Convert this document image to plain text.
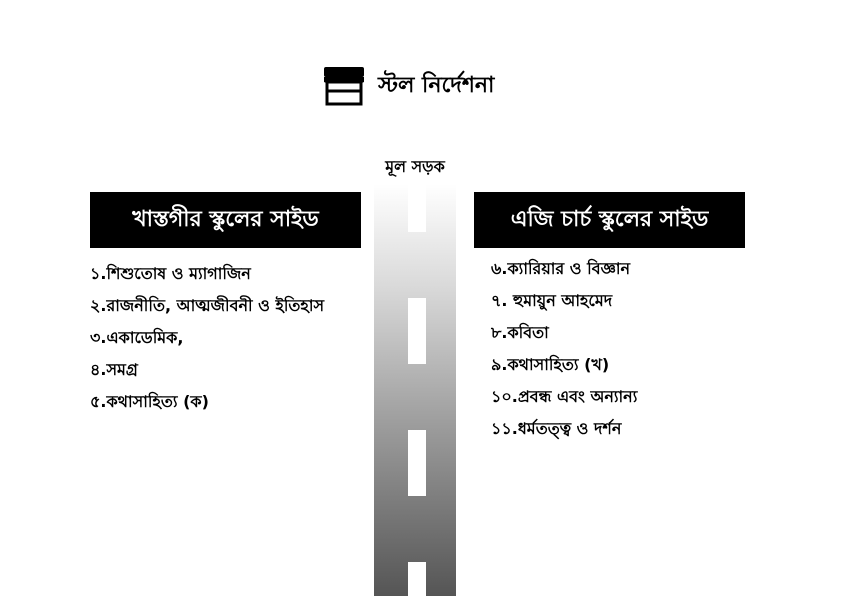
স্টল নির্দেশনা
মূল সড়ক
খাস্তগীর স্কুলের সাইড
১.শিশুতোষ ও ম্যাগাজিন
২.রাজনীতি, আত্মজীবনী ও ইতিহাস
৩.একাডেমিক,
৪.সমগ্র
৫.কথাসাহিত্য (ক)
এজি চার্চ স্কুলের সাইড
৬.ক্যারিয়ার ও বিজ্ঞান
৭. হুমায়ুন আহমেদ
৮.কবিতা
৯.কথাসাহিত্য (খ)
১০.প্রবন্ধ এবং অন্যান্য
১১.ধর্মতত্ত্ব ও দর্শন
